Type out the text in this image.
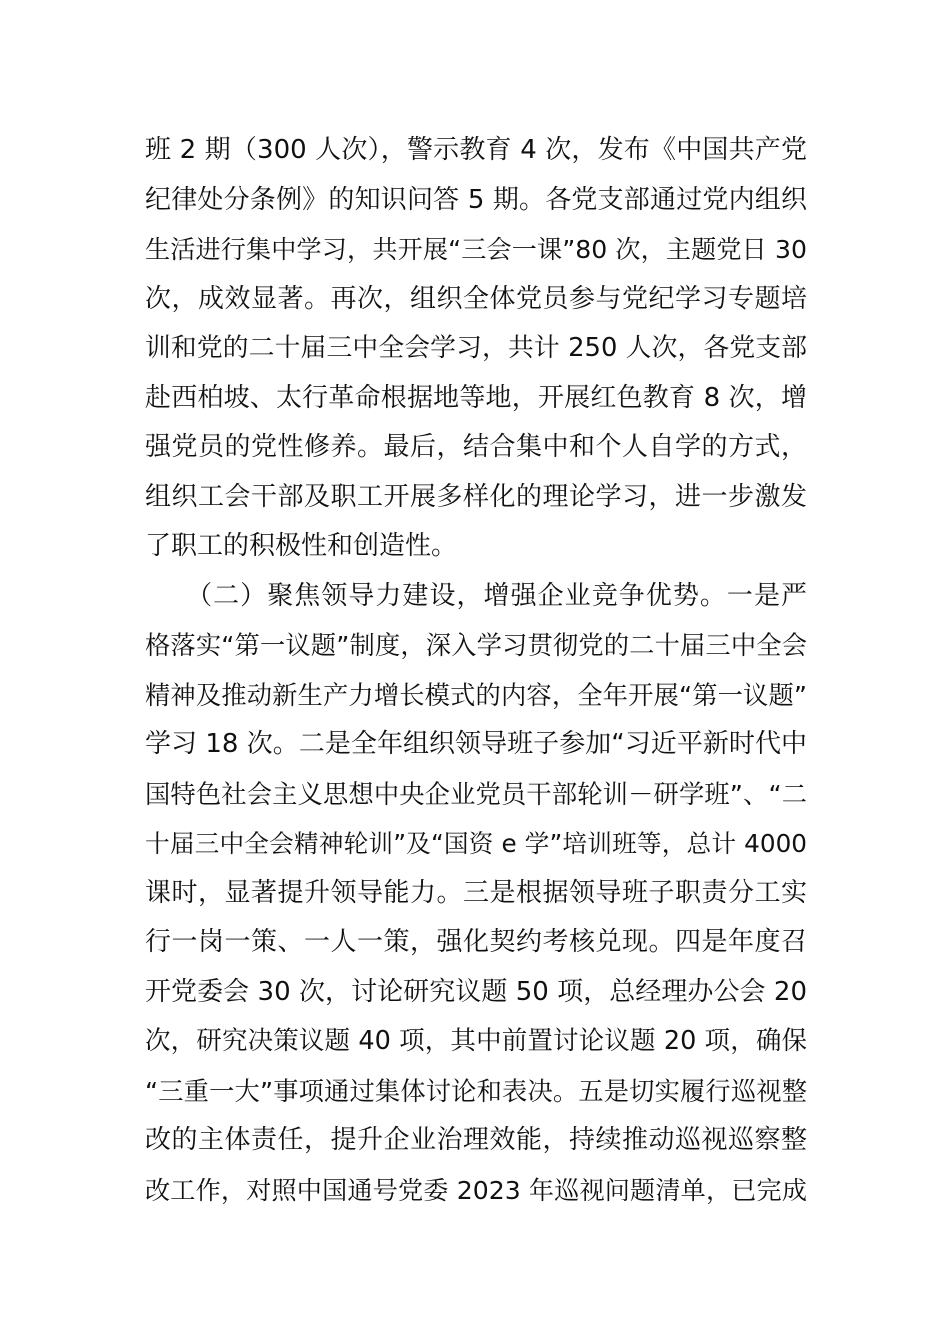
班 2 期（300 人次），警示教育 4 次，发布《中国共产党
纪律处分条例》的知识问答 5 期。各党支部通过党内组织
生活进行集中学习，共开展“三会一课”80 次，主题党日 30
次，成效显著。再次，组织全体党员参与党纪学习专题培
训和党的二十届三中全会学习，共计 250 人次，各党支部
赴西柏坡、太行革命根据地等地，开展红色教育 8 次，增
强党员的党性修养。最后，结合集中和个人自学的方式，
组织工会干部及职工开展多样化的理论学习，进一步激发
了职工的积极性和创造性。
　　（二）聚焦领导力建设，增强企业竞争优势。一是严
格落实“第一议题”制度，深入学习贯彻党的二十届三中全会
精神及推动新生产力增长模式的内容，全年开展“第一议题”
学习 18 次。二是全年组织领导班子参加“习近平新时代中
国特色社会主义思想中央企业党员干部轮训－研学班”、“二
十届三中全会精神轮训”及“国资 e 学”培训班等，总计 4000
课时，显著提升领导能力。三是根据领导班子职责分工实
行一岗一策、一人一策，强化契约考核兑现。四是年度召
开党委会 30 次，讨论研究议题 50 项，总经理办公会 20
次，研究决策议题 40 项，其中前置讨论议题 20 项，确保
“三重一大”事项通过集体讨论和表决。五是切实履行巡视整
改的主体责任，提升企业治理效能，持续推动巡视巡察整
改工作，对照中国通号党委 2023 年巡视问题清单，已完成
